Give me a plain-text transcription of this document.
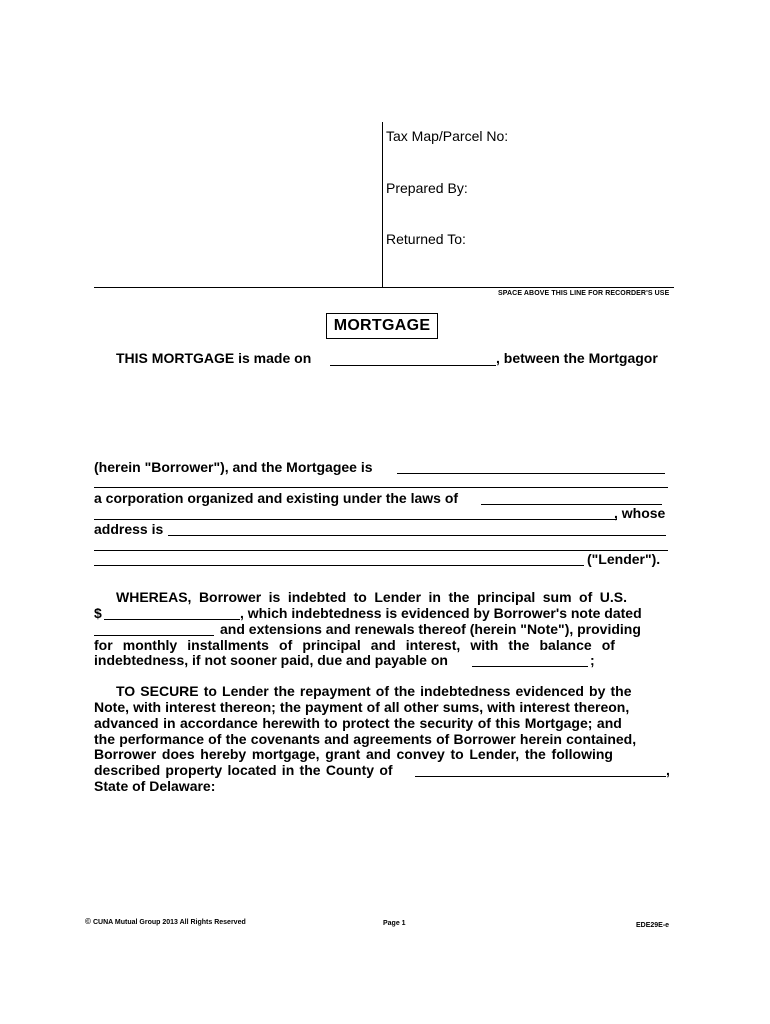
Tax Map/Parcel No:
Prepared By:
Returned To:
SPACE ABOVE THIS LINE FOR RECORDER'S USE
MORTGAGE
THIS MORTGAGE is made on	, between the Mortgagor
(herein "Borrower"), and the Mortgagee is
a corporation organized and existing under the laws of
, whose
address is
("Lender").
WHEREAS, Borrower is indebted to Lender in the principal sum of U.S.
$	, which indebtedness is evidenced by Borrower's note dated
and extensions and renewals thereof (herein "Note"), providing
for monthly installments of principal and interest, with the balance of
indebtedness, if not sooner paid, due and payable on	;
TO SECURE to Lender the repayment of the indebtedness evidenced by the
Note, with interest thereon; the payment of all other sums, with interest thereon,
advanced in accordance herewith to protect the security of this Mortgage; and
the performance of the covenants and agreements of Borrower herein contained,
Borrower does hereby mortgage, grant and convey to Lender, the following
described property located in the County of	,
State of Delaware:
© CUNA Mutual Group 2013 All Rights Reserved	Page 1	EDE29E-e
